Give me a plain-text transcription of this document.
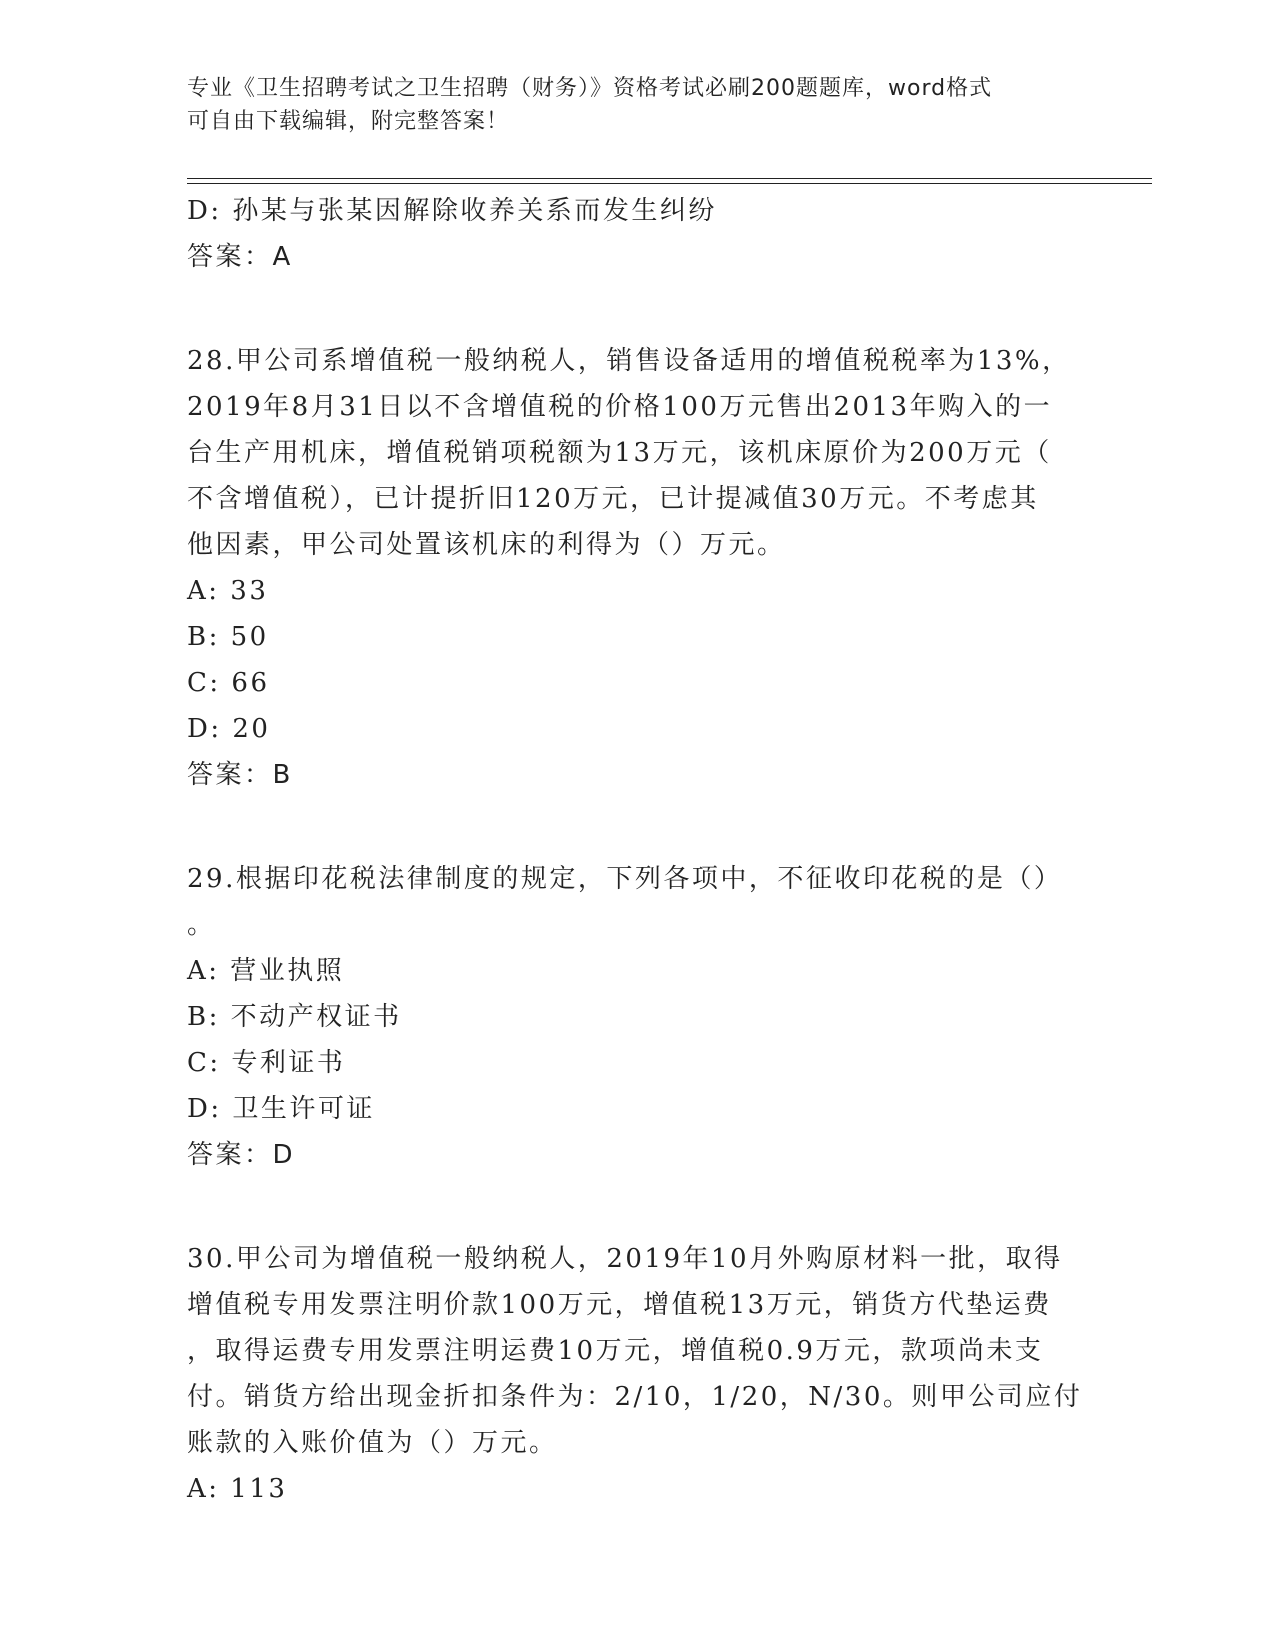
专业《卫生招聘考试之卫生招聘（财务）》资格考试必刷200题题库，word格式
可自由下载编辑，附完整答案！
D: 孙某与张某因解除收养关系而发生纠纷
答案：A
28.甲公司系增值税一般纳税人，销售设备适用的增值税税率为13%，
2019年8月31日以不含增值税的价格100万元售出2013年购入的一
台生产用机床，增值税销项税额为13万元，该机床原价为200万元（
不含增值税），已计提折旧120万元，已计提减值30万元。不考虑其
他因素，甲公司处置该机床的利得为（）万元。
A: 33
B: 50
C: 66
D: 20
答案：B
29.根据印花税法律制度的规定，下列各项中，不征收印花税的是（）
。
A: 营业执照
B: 不动产权证书
C: 专利证书
D: 卫生许可证
答案：D
30.甲公司为增值税一般纳税人，2019年10月外购原材料一批，取得
增值税专用发票注明价款100万元，增值税13万元，销货方代垫运费
，取得运费专用发票注明运费10万元，增值税0.9万元，款项尚未支
付。销货方给出现金折扣条件为：2/10，1/20，N/30。则甲公司应付
账款的入账价值为（）万元。
A: 113
